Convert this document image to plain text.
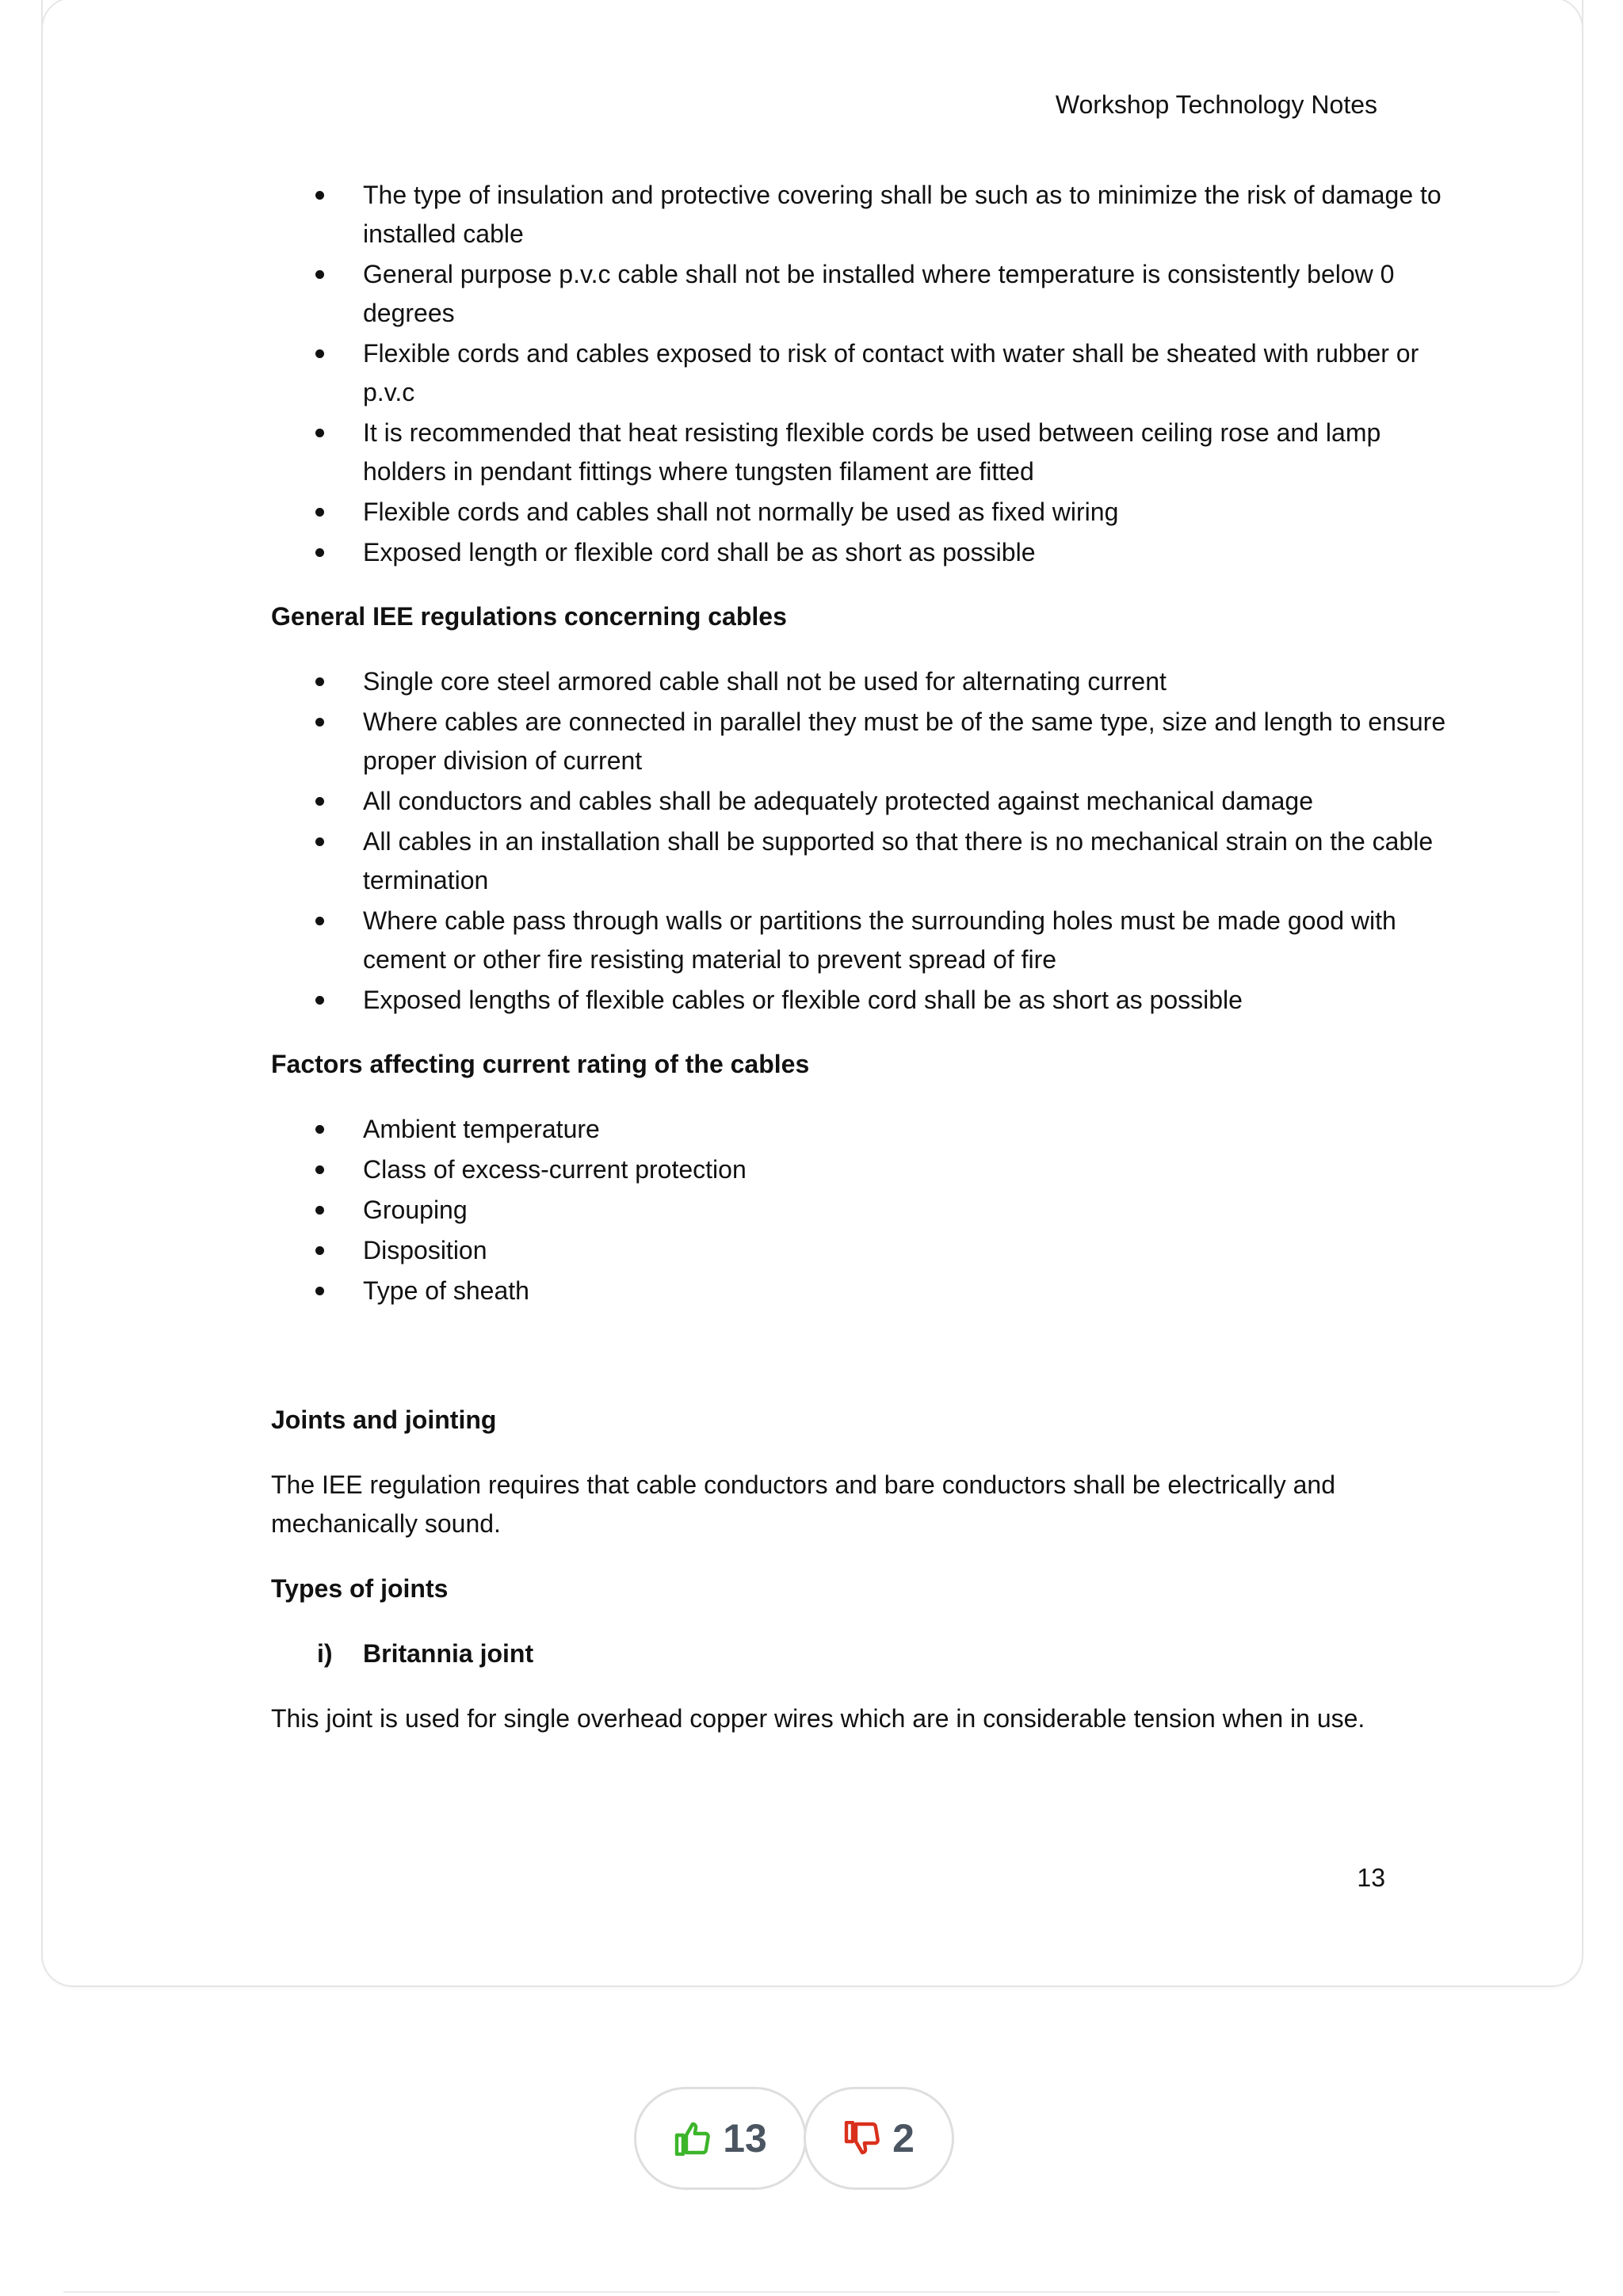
Workshop Technology Notes
The type of insulation and protective covering shall be such as to minimize the risk of damage to
installed cable
General purpose p.v.c cable shall not be installed where temperature is consistently below 0
degrees
Flexible cords and cables exposed to risk of contact with water shall be sheated with rubber or
p.v.c
It is recommended that heat resisting flexible cords be used between ceiling rose and lamp
holders in pendant fittings where tungsten filament are fitted
Flexible cords and cables shall not normally be used as fixed wiring
Exposed length or flexible cord shall be as short as possible

General IEE regulations concerning cables

Single core steel armored cable shall not be used for alternating current
Where cables are connected in parallel they must be of the same type, size and length to ensure
proper division of current
All conductors and cables shall be adequately protected against mechanical damage
All cables in an installation shall be supported so that there is no mechanical strain on the cable
termination
Where cable pass through walls or partitions the surrounding holes must be made good with
cement or other fire resisting material to prevent spread of fire
Exposed lengths of flexible cables or flexible cord shall be as short as possible

Factors affecting current rating of the cables

Ambient temperature
Class of excess-current protection
Grouping
Disposition
Type of sheath

Joints and jointing

The IEE regulation requires that cable conductors and bare conductors shall be electrically and
mechanically sound.

Types of joints

i)	Britannia joint

This joint is used for single overhead copper wires which are in considerable tension when in use.

13
13	2
